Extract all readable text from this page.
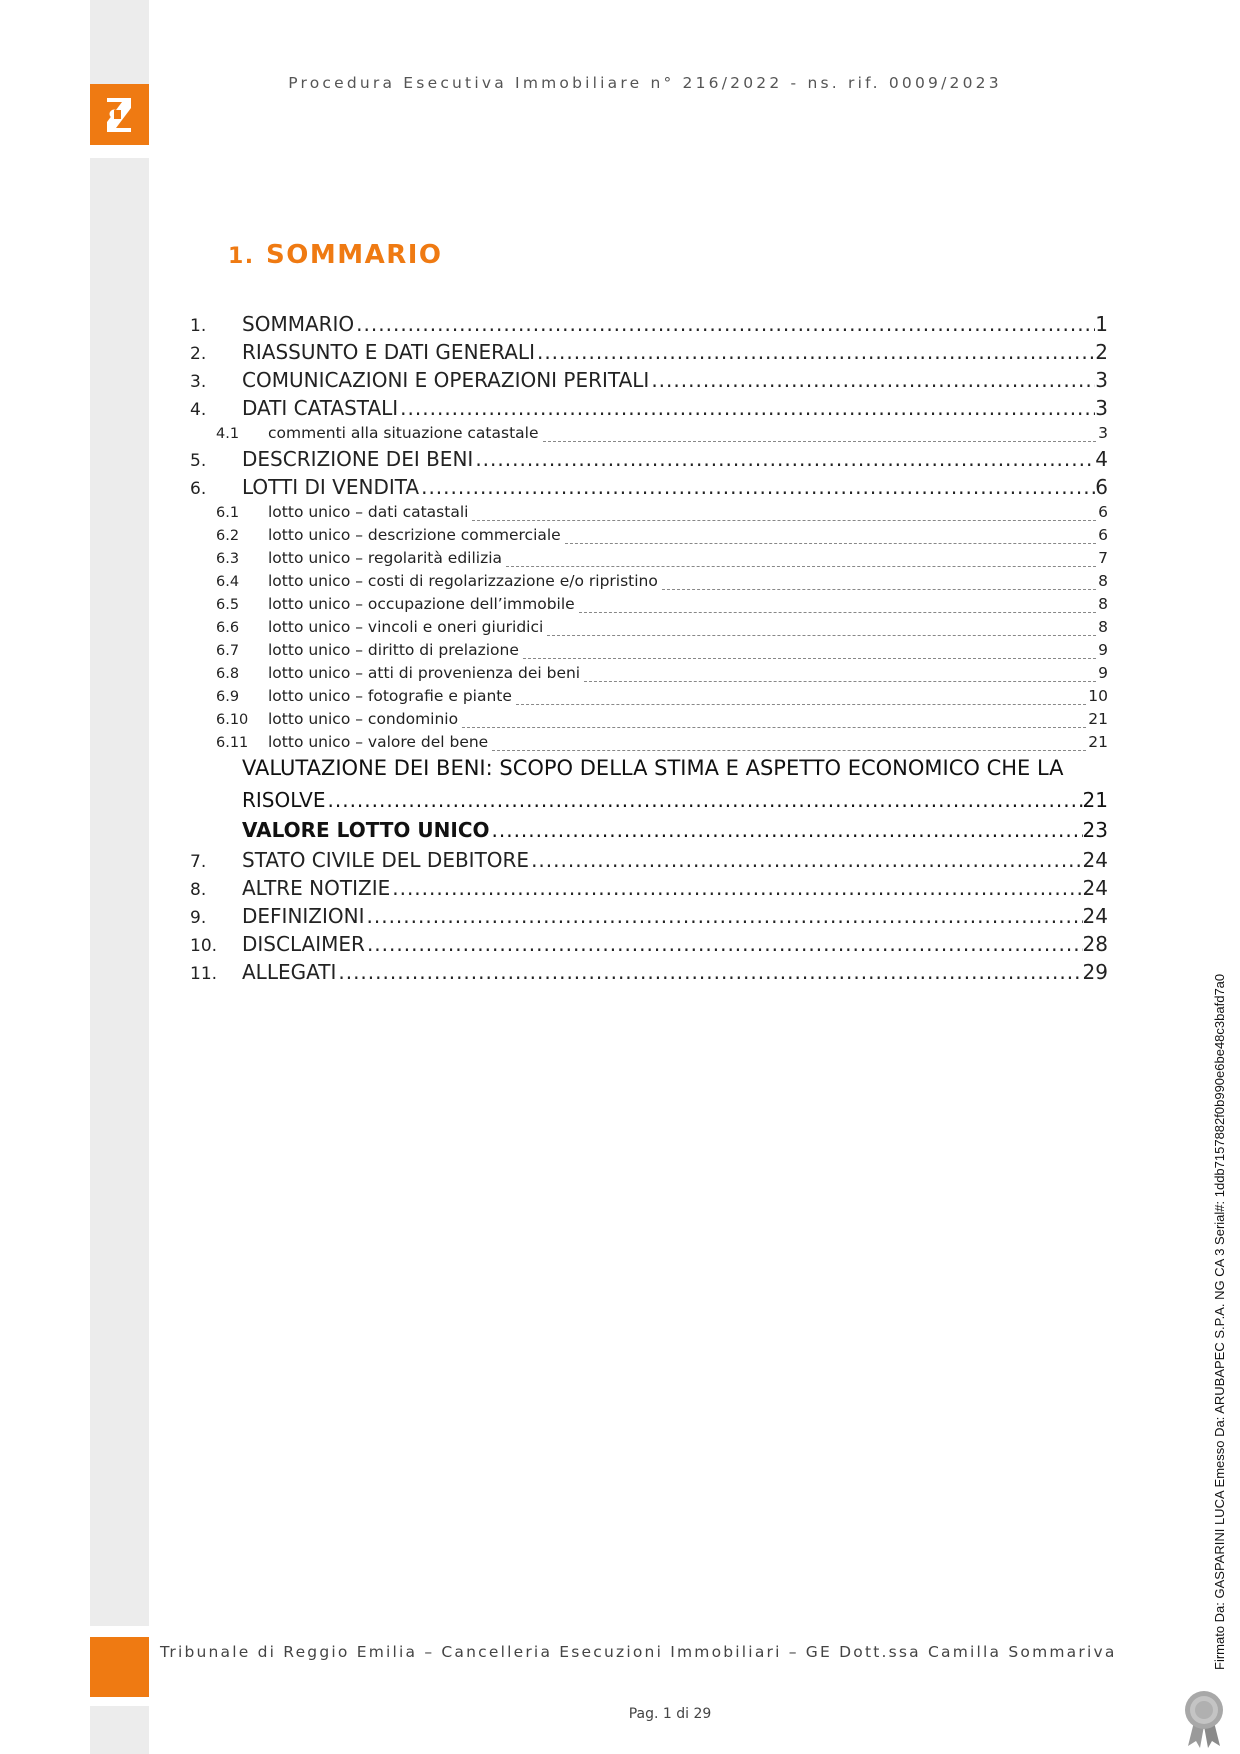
Procedura Esecutiva Immobiliare n° 216/2022 - ns. rif. 0009/2023
1. SOMMARIO
1.	SOMMARIO .....	1
2.	RIASSUNTO E DATI GENERALI .....	2
3.	COMUNICAZIONI E OPERAZIONI PERITALI .....	3
4.	DATI CATASTALI .....	3
4.1	commenti alla situazione catastale	3
5.	DESCRIZIONE DEI BENI .....	4
6.	LOTTI DI VENDITA .....	6
6.1	lotto unico – dati catastali	6
6.2	lotto unico – descrizione commerciale	6
6.3	lotto unico – regolarità edilizia	7
6.4	lotto unico – costi di regolarizzazione e/o ripristino	8
6.5	lotto unico – occupazione dell’immobile	8
6.6	lotto unico – vincoli e oneri giuridici	8
6.7	lotto unico – diritto di prelazione	9
6.8	lotto unico – atti di provenienza dei beni	9
6.9	lotto unico – fotografie e piante	10
6.10	lotto unico – condominio	21
6.11	lotto unico – valore del bene	21
VALUTAZIONE DEI BENI: SCOPO DELLA STIMA E ASPETTO ECONOMICO CHE LA
RISOLVE .....	21
VALORE LOTTO UNICO .....	23
7.	STATO CIVILE DEL DEBITORE .....	24
8.	ALTRE NOTIZIE .....	24
9.	DEFINIZIONI .....	24
10.	DISCLAIMER .....	28
11.	ALLEGATI .....	29
Tribunale di Reggio Emilia – Cancelleria Esecuzioni Immobiliari – GE Dott.ssa Camilla Sommariva
Pag. 1 di 29
Firmato Da: GASPARINI LUCA Emesso Da: ARUBAPEC S.P.A. NG CA 3 Serial#: 1ddb7157882f0b990e6be48c3bafd7a0
